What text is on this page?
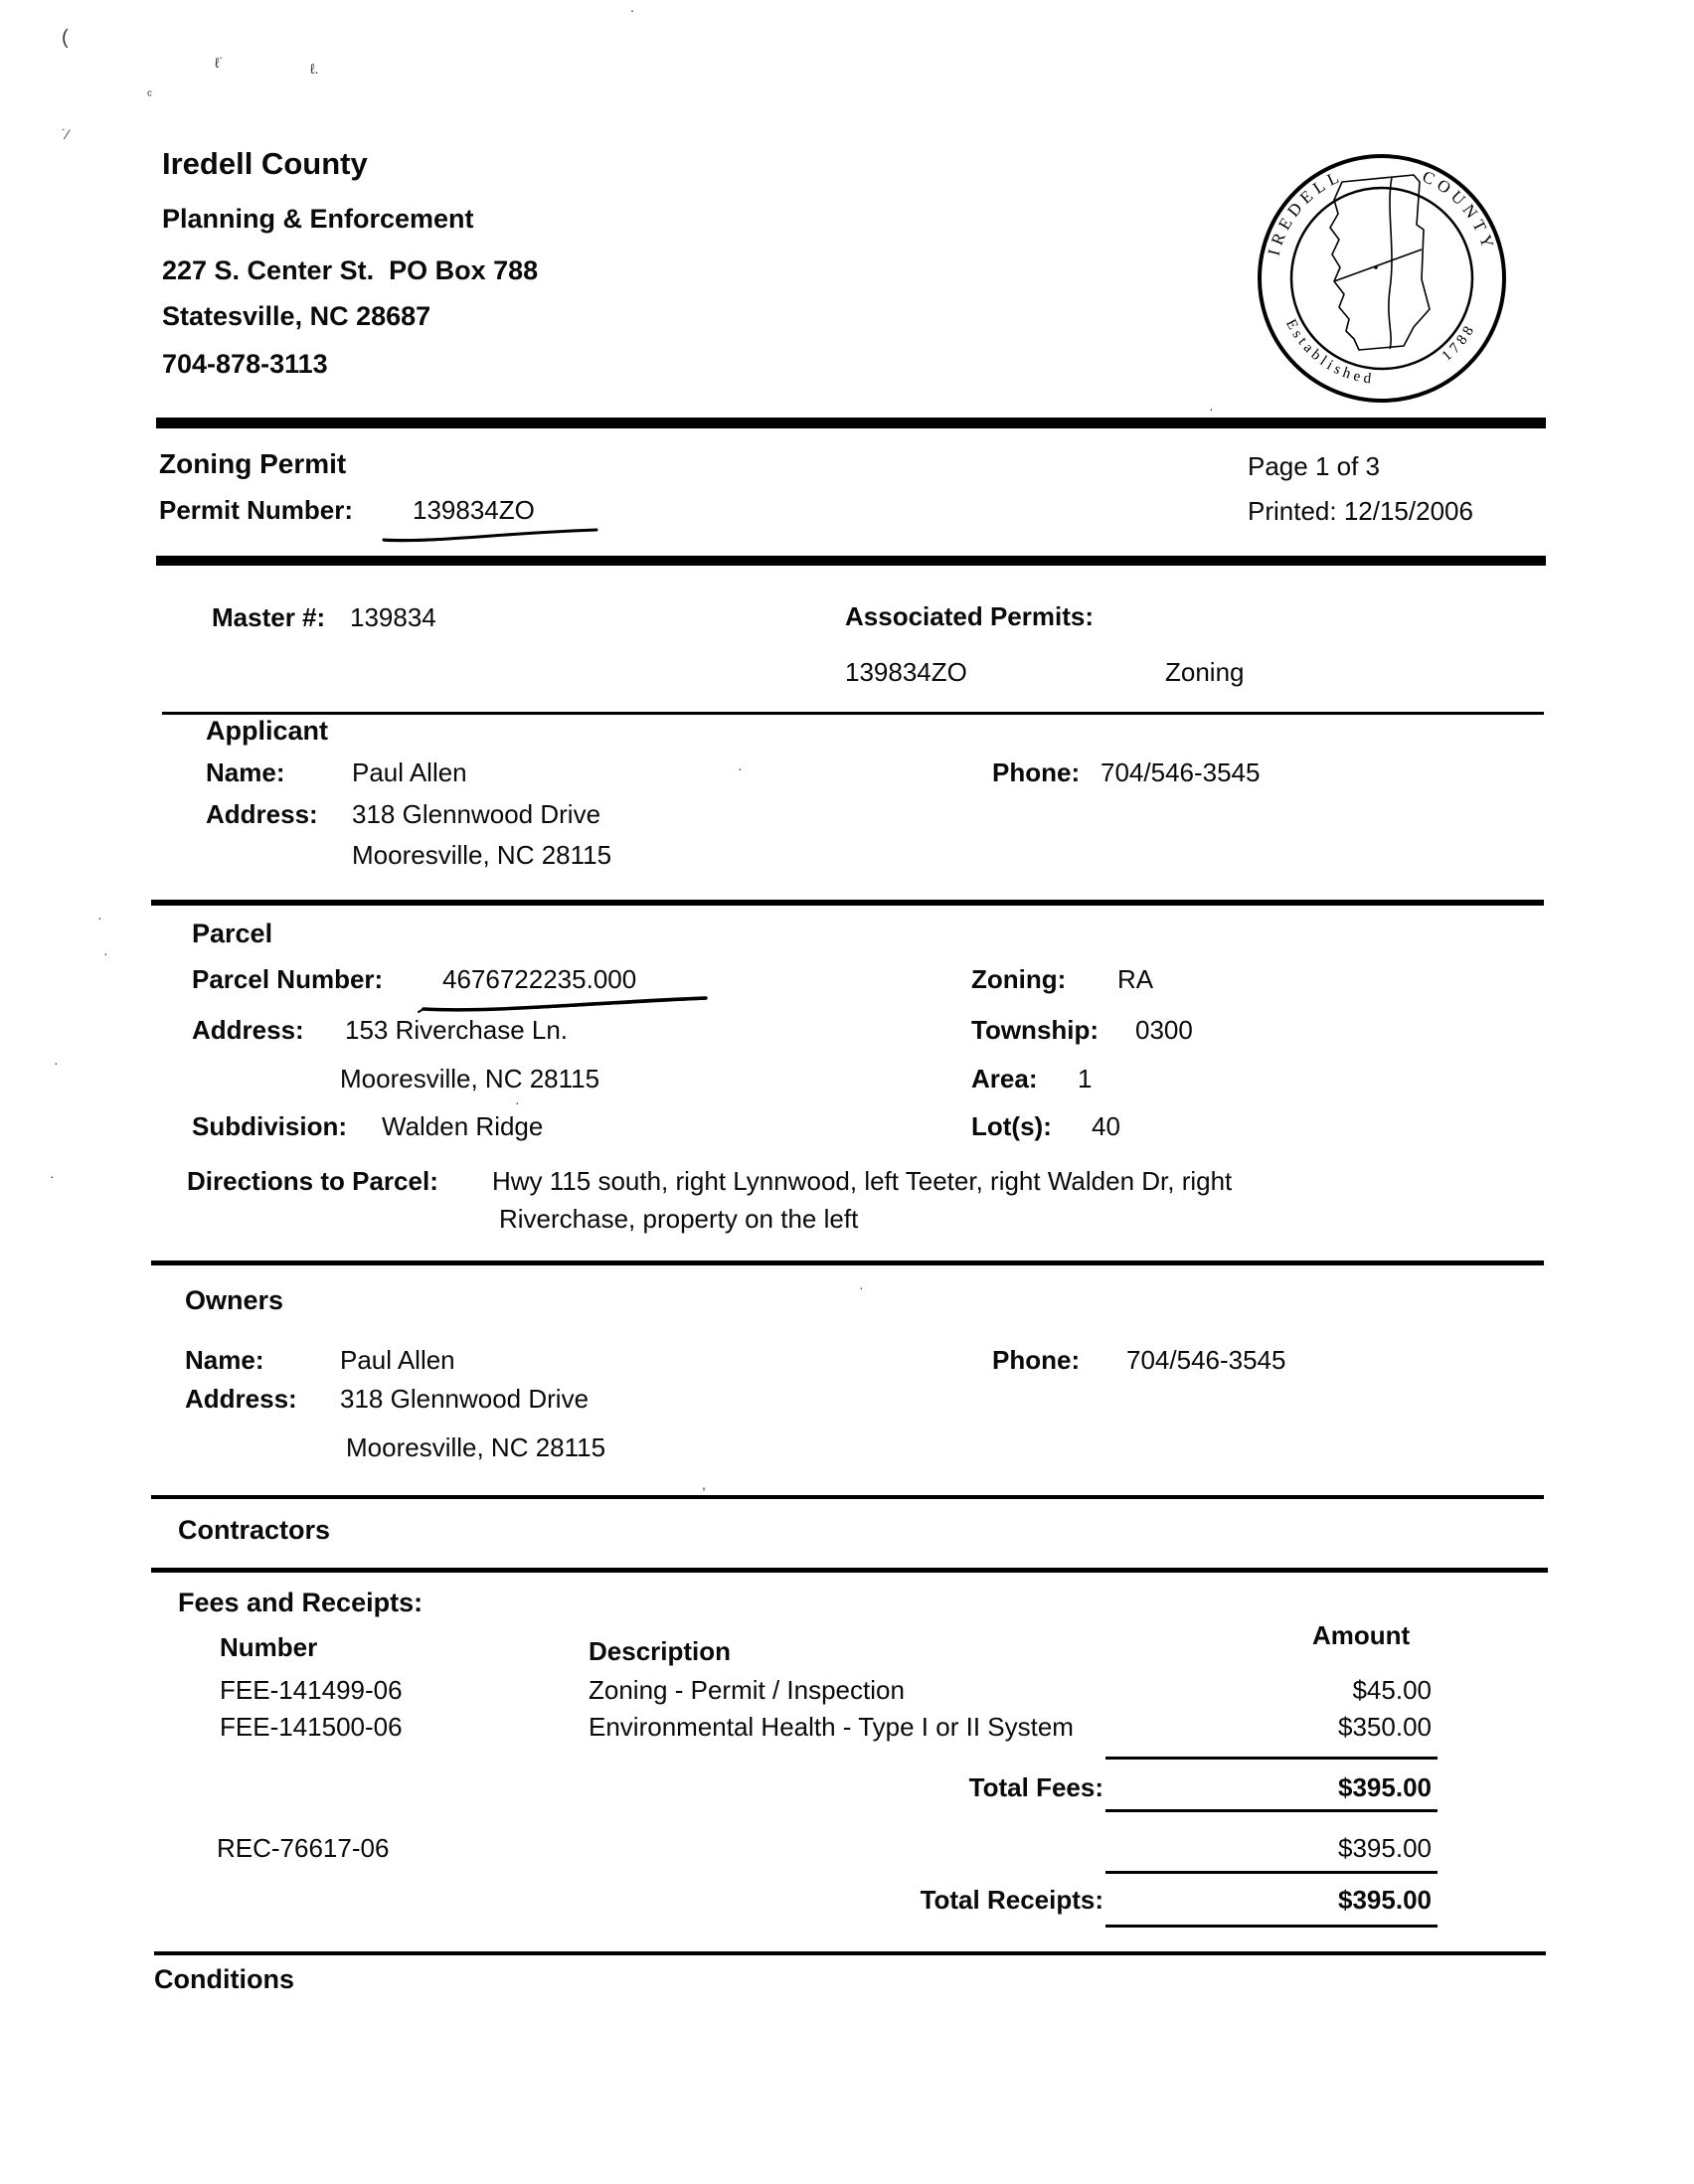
(
ℓ˙	ℓ.
ᶜ
˙⁄
.
·
·
·
·
·
·
,
·
·
Iredell County
Planning & Enforcement
227 S. Center St.  PO Box 788
Statesville, NC 28687
704-878-3113
IREDELL	COUNTY
Established
1788
Zoning Permit	Page 1 of 3
Permit Number: 139834ZO	Printed: 12/15/2006
Master #: 139834	Associated Permits:
139834ZO	Zoning
Applicant
Name:	Paul Allen	Phone: 704/546-3545
Address: 318 Glennwood Drive
Mooresville, NC 28115
Parcel
Parcel Number: 4676722235.000	Zoning: RA
Address: 153 Riverchase Ln.	Township: 0300
Mooresville, NC 28115	Area: 1
Subdivision: Walden Ridge	Lot(s): 40
Directions to Parcel: Hwy 115 south, right Lynnwood, left Teeter, right Walden Dr, right
Riverchase, property on the left
Owners
Name:	Paul Allen	Phone: 704/546-3545
Address: 318 Glennwood Drive
Mooresville, NC 28115
Contractors
Fees and Receipts:
Number	Description
Amount
FEE-141499-06	Zoning - Permit / Inspection	$45.00
FEE-141500-06	Environmental Health - Type I or II System	$350.00
Total Fees:	$395.00
REC-76617-06	$395.00
Total Receipts:	$395.00
Conditions
